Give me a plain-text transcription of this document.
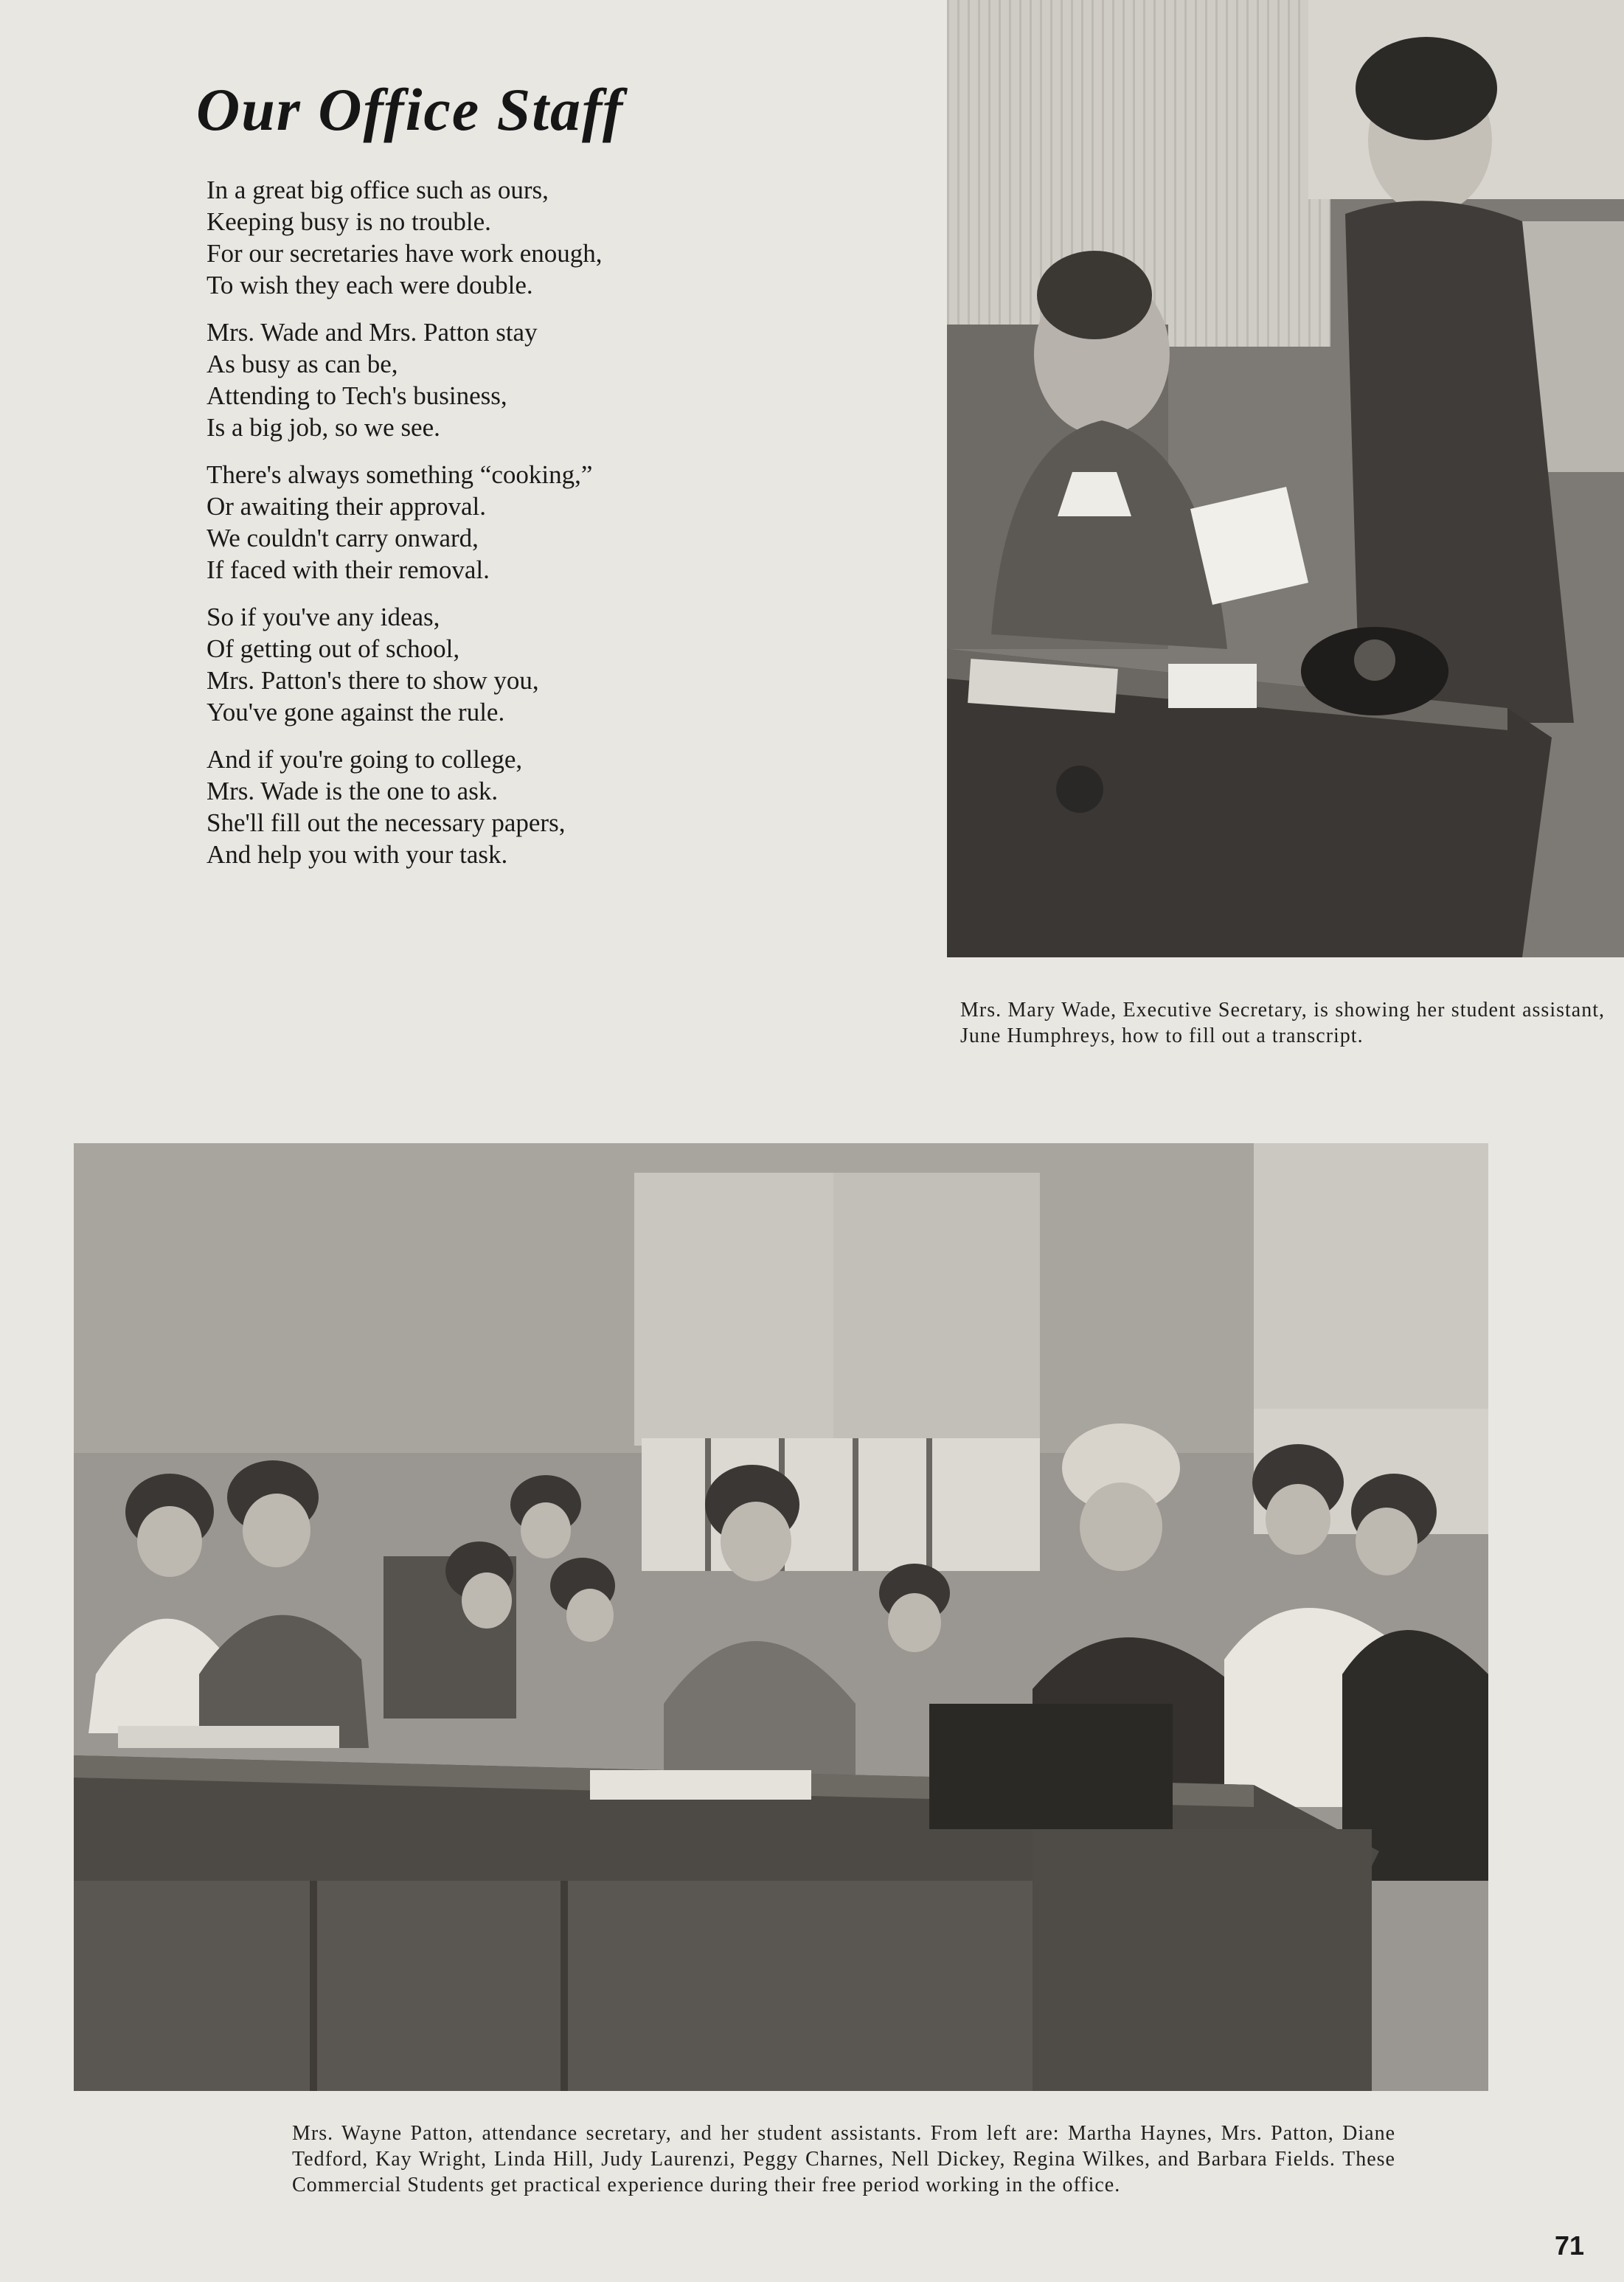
Our Office Staff
In a great big office such as ours,
Keeping busy is no trouble.
For our secretaries have work enough,
To wish they each were double.
Mrs. Wade and Mrs. Patton stay
As busy as can be,
Attending to Tech's business,
Is a big job, so we see.
There's always something “cooking,”
Or awaiting their approval.
We couldn't carry onward,
If faced with their removal.
So if you've any ideas,
Of getting out of school,
Mrs. Patton's there to show you,
You've gone against the rule.
And if you're going to college,
Mrs. Wade is the one to ask.
She'll fill out the necessary papers,
And help you with your task.
Mrs. Mary Wade, Executive Secretary, is showing her student assistant, June Humphreys, how to fill out a transcript.
Mrs. Wayne Patton, attendance secretary, and her student assistants. From left are: Martha Haynes, Mrs. Patton, Diane Tedford, Kay Wright, Linda Hill, Judy Laurenzi, Peggy Charnes, Nell Dickey, Regina Wilkes, and Barbara Fields. These Commercial Students get practical experience during their free period working in the office.
71
